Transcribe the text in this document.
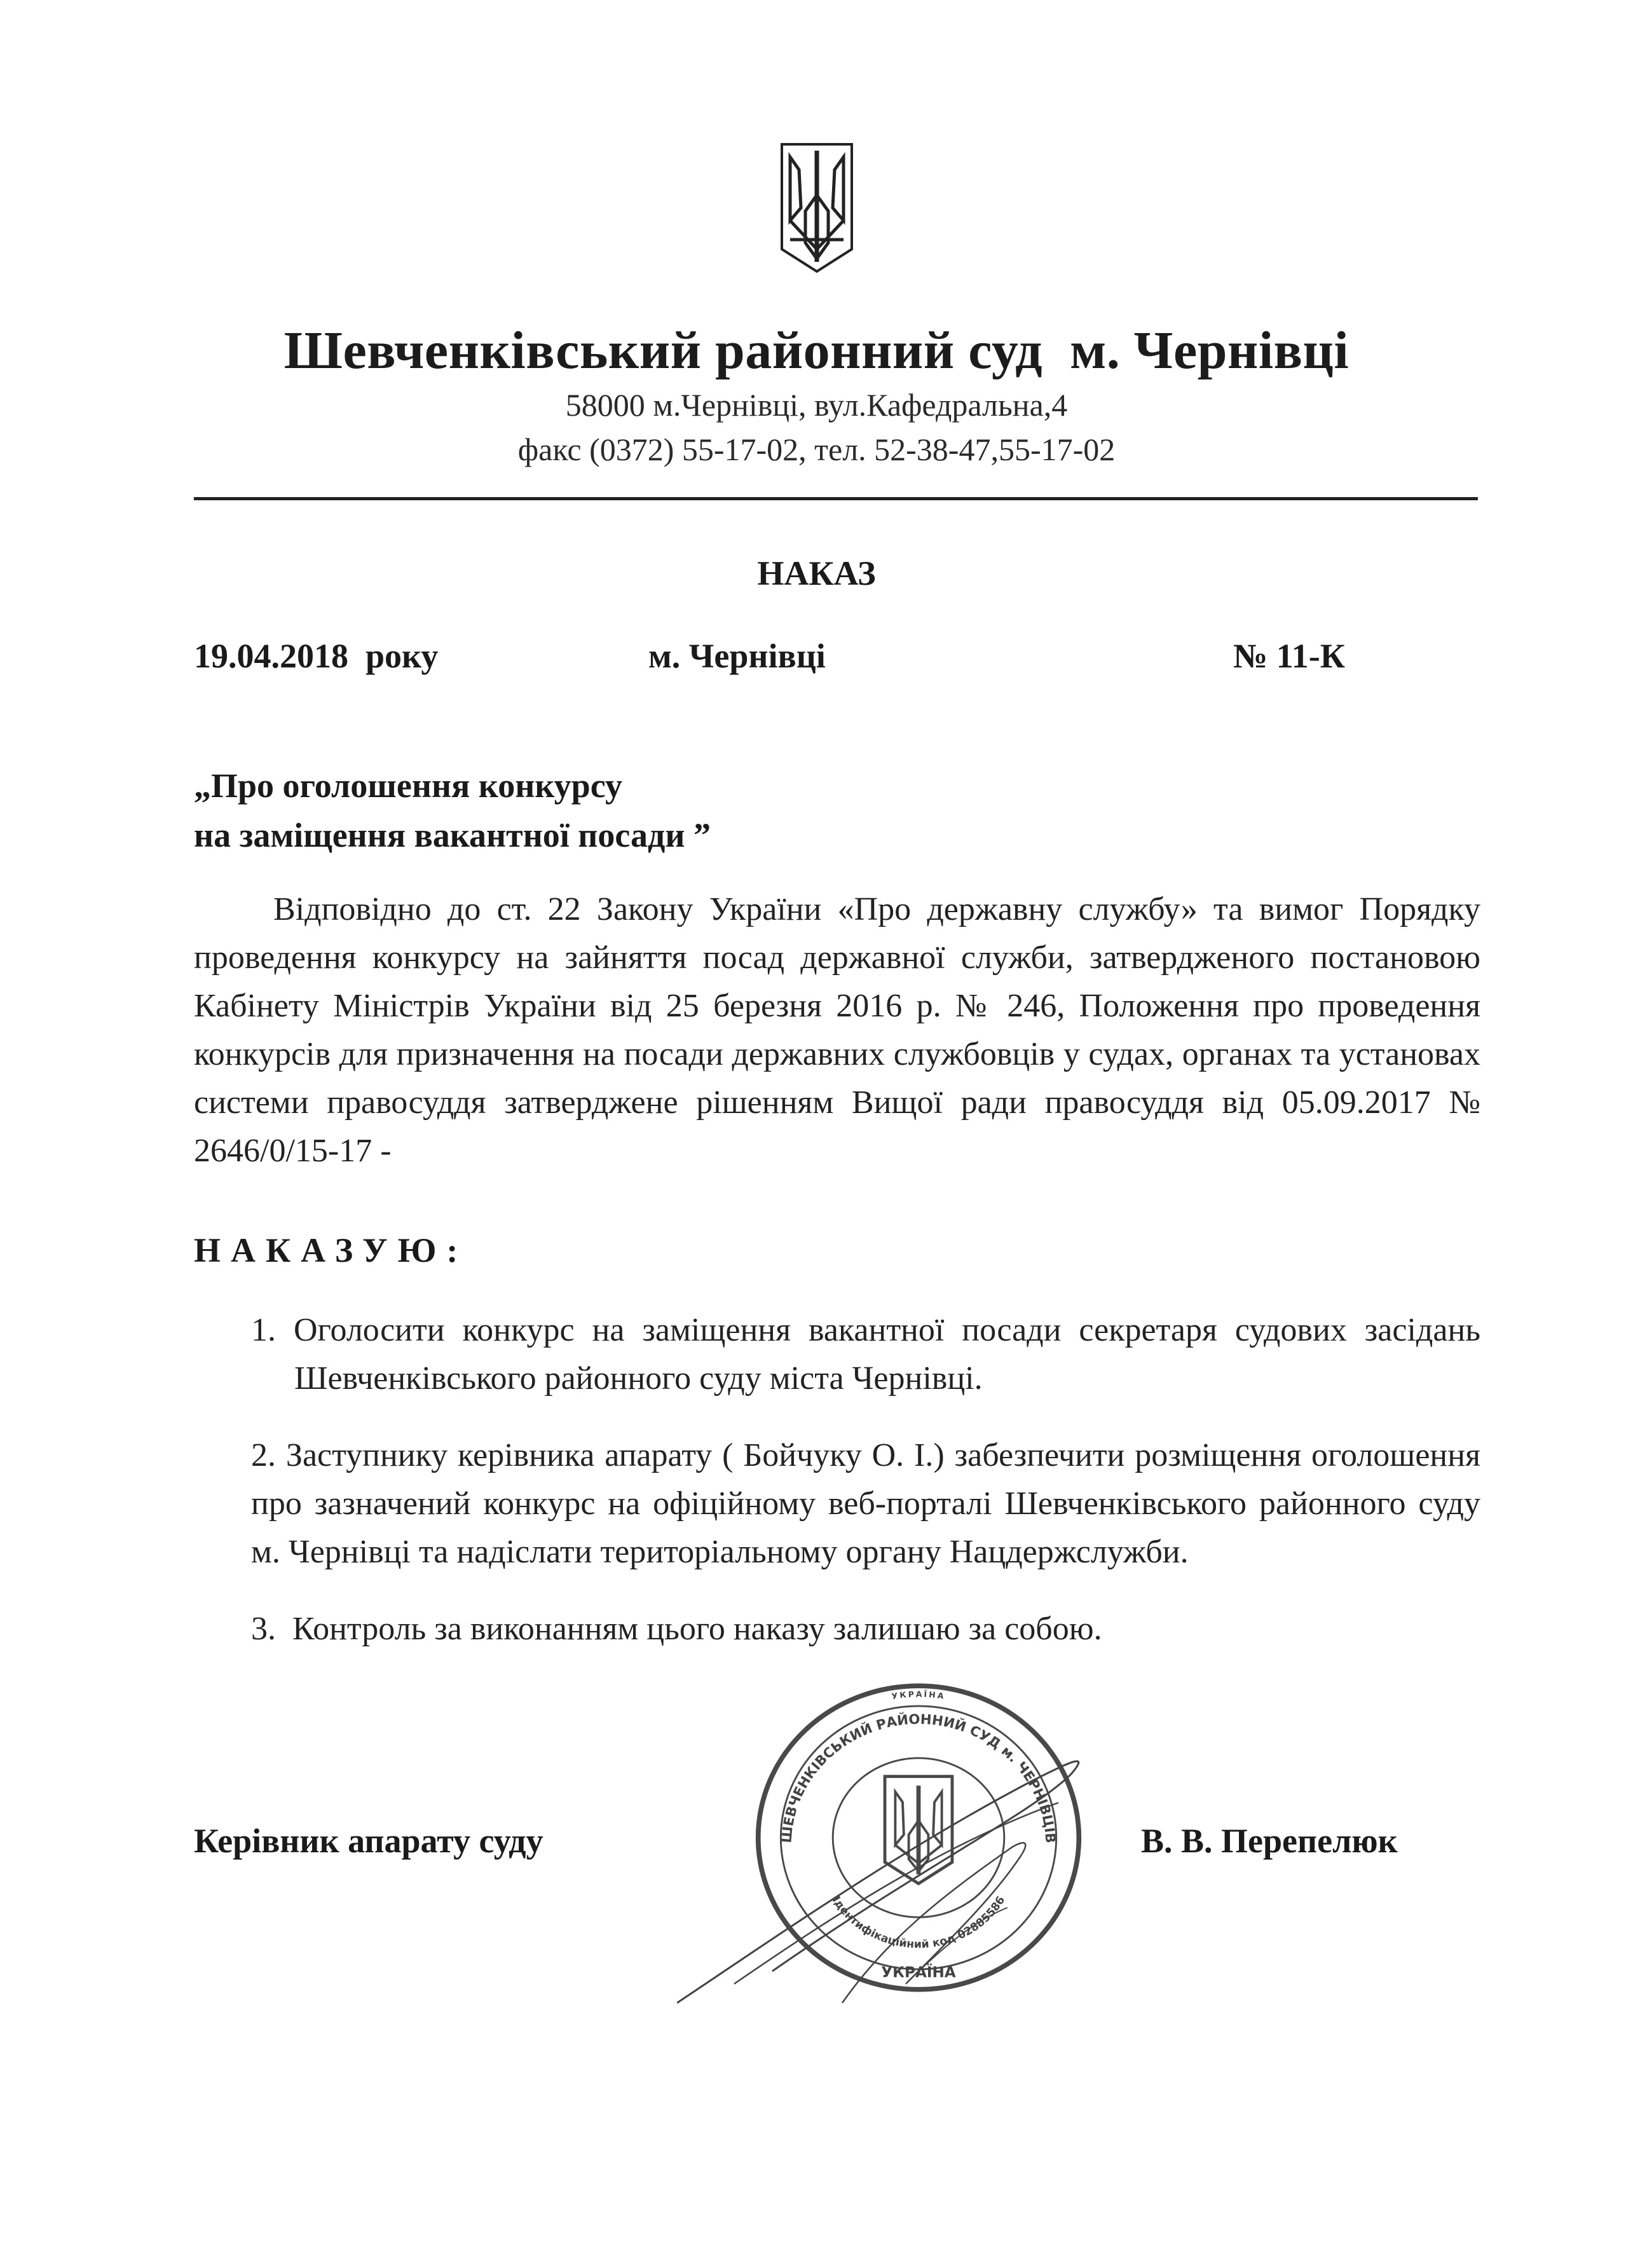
Шевченківський районний суд  м. Чернівці
58000 м.Чернівці, вул.Кафедральна,4
факс (0372) 55-17-02, тел. 52-38-47,55-17-02
НАКАЗ
19.04.2018  року	м. Чернівці	№ 11-К
„Про оголошення конкурсу
на заміщення вакантної посади ”
Відповідно до ст. 22 Закону України «Про державну службу» та вимог Порядку проведення конкурсу на зайняття посад державної служби, затвердженого постановою Кабінету Міністрів України від 25 березня 2016 р. № 246, Положення про проведення конкурсів для призначення на посади державних службовців у судах, органах та установах системи правосуддя затверджене рішенням Вищої ради правосуддя від 05.09.2017 № 2646/0/15-17 -
НАКАЗУЮ:
1. Оголосити конкурс на заміщення вакантної посади секретаря судових засідань Шевченківського районного суду міста Чернівці.
2. Заступнику керівника апарату ( Бойчуку О. І.) забезпечити розміщення оголошення про зазначений конкурс на офіційному веб-порталі Шевченківського районного суду м. Чернівці та надіслати територіальному органу Нацдержслужби.
3.  Контроль за виконанням цього наказу залишаю за собою.
Керівник апарату суду	В. В. Перепелюк
УКРАЇНА
ШЕВЧЕНКІВСЬКИЙ РАЙОННИЙ СУД м. ЧЕРНІВЦІВ
Ідентифікаційний код 02885586
УКРАЇНА
